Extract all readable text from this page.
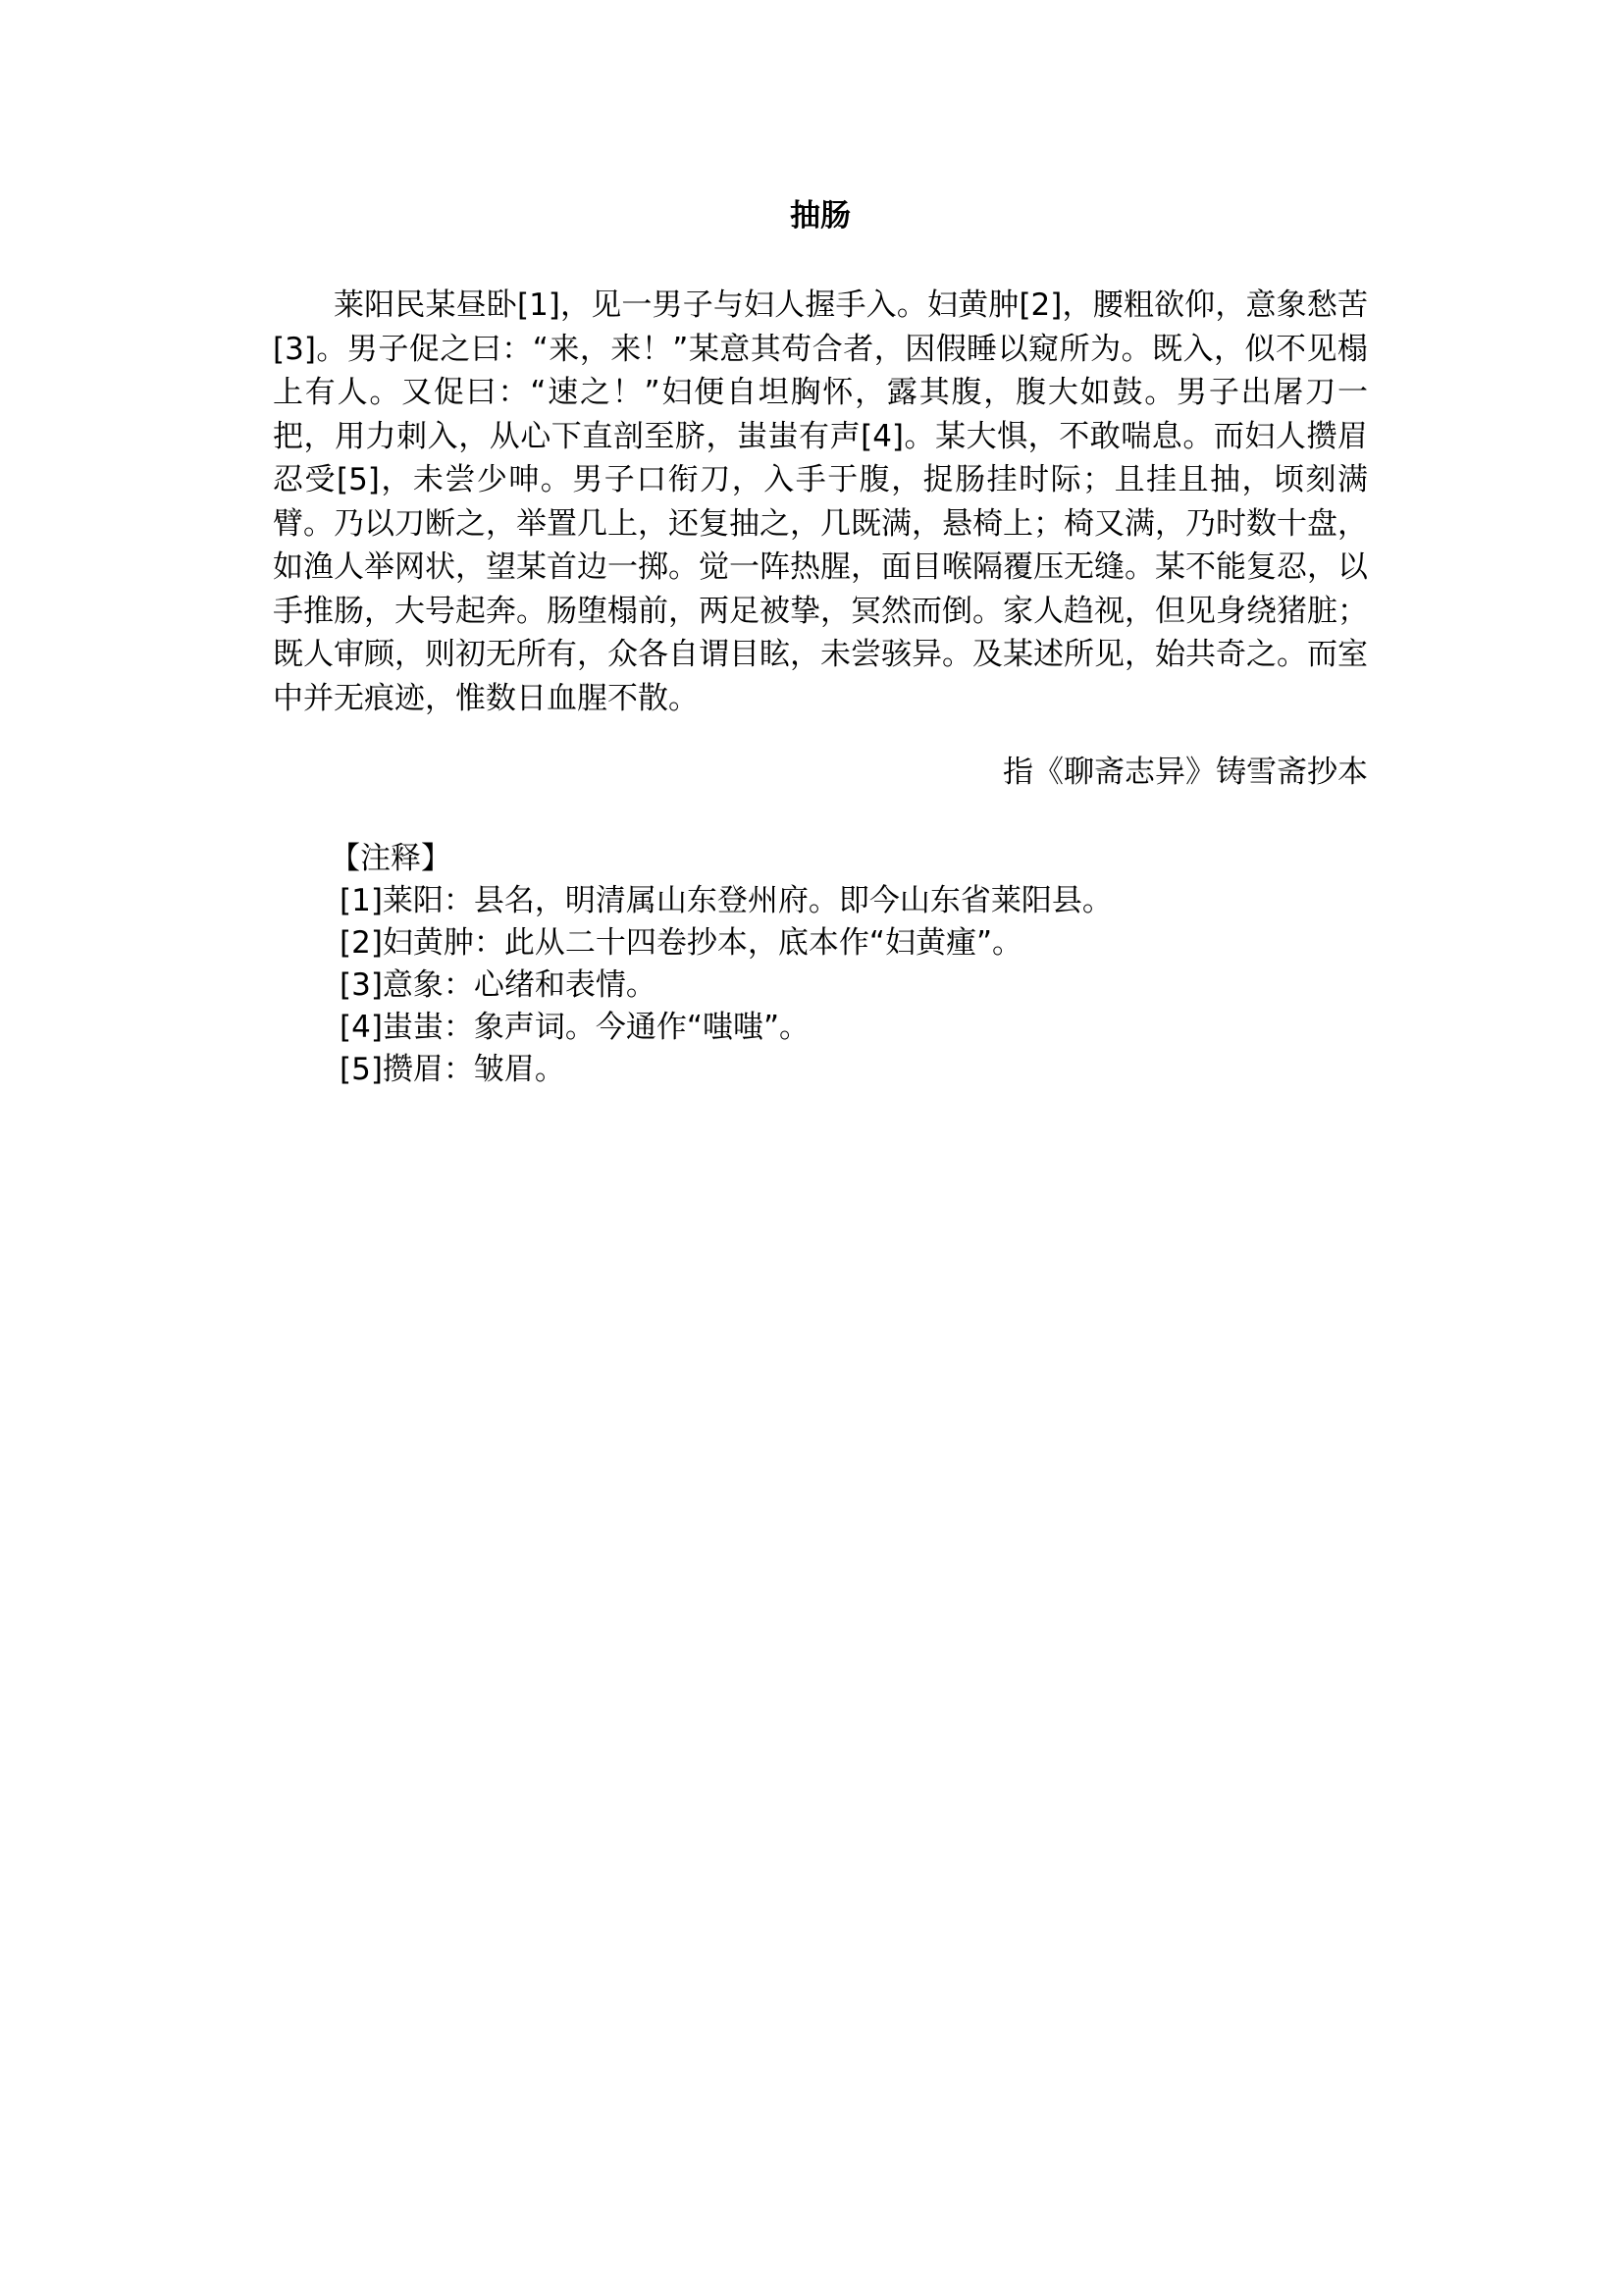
抽肠

莱阳民某昼卧[1]，见一男子与妇人握手入。妇黄肿[2]，腰粗欲仰，意象愁苦[3]。男子促之曰：“来，来！”某意其苟合者，因假睡以窥所为。既入，似不见榻上有人。又促曰：“速之！”妇便自坦胸怀，露其腹，腹大如鼓。男子出屠刀一把，用力刺入，从心下直剖至脐，蚩蚩有声[4]。某大惧，不敢喘息。而妇人攒眉忍受[5]，未尝少呻。男子口衔刀，入手于腹，捉肠挂时际；且挂且抽，顷刻满臂。乃以刀断之，举置几上，还复抽之，几既满，悬椅上；椅又满，乃时数十盘，如渔人举网状，望某首边一掷。觉一阵热腥，面目喉隔覆压无缝。某不能复忍，以手推肠，大号起奔。肠堕榻前，两足被挚，冥然而倒。家人趋视，但见身绕猪脏；既人审顾，则初无所有，众各自谓目眩，未尝骇异。及某述所见，始共奇之。而室中并无痕迹，惟数日血腥不散。

指《聊斋志异》铸雪斋抄本
【注释】
[1]莱阳：县名，明清属山东登州府。即今山东省莱阳县。
[2]妇黄肿：此从二十四卷抄本，底本作“妇黄瘇”。
[3]意象：心绪和表情。
[4]蚩蚩：象声词。今通作“嗤嗤”。
[5]攒眉：皱眉。
